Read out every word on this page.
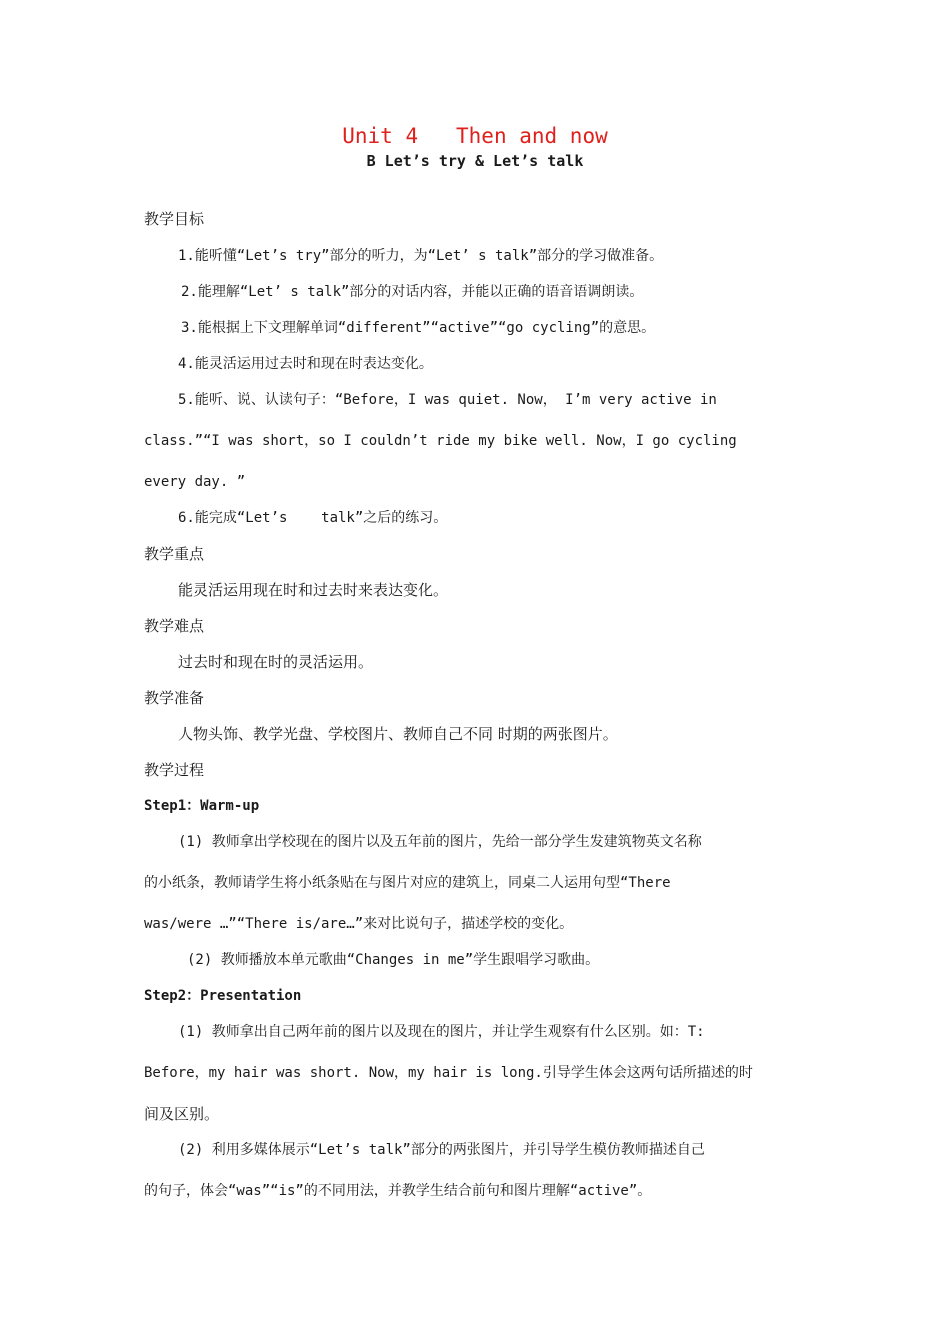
Unit 4   Then and now
B Let’s try & Let’s talk
教学目标
1.能听懂“Let’s try”部分的听力，为“Let’ s talk”部分的学习做准备。
2.能理解“Let’ s talk”部分的对话内容，并能以正确的语音语调朗读。
3.能根据上下文理解单词“different”“active”“go cycling”的意思。
4.能灵活运用过去时和现在时表达变化。
5.能听、说、认读句子：“Before，I was quiet. Now， I’m very active in
class.”“I was short，so I couldn’t ride my bike well. Now，I go cycling
every day. ”
6.能完成“Let’s    talk”之后的练习。
教学重点
能灵活运用现在时和过去时来表达变化。
教学难点
过去时和现在时的灵活运用。
教学准备
人物头饰、教学光盘、学校图片、教师自己不同 时期的两张图片。
教学过程
Step1：Warm-up
(1) 教师拿出学校现在的图片以及五年前的图片，先给一部分学生发建筑物英文名称
的小纸条，教师请学生将小纸条贴在与图片对应的建筑上，同桌二人运用句型“There
was/were …”“There is/are…”来对比说句子，描述学校的变化。
(2) 教师播放本单元歌曲“Changes in me”学生跟唱学习歌曲。
Step2：Presentation
(1) 教师拿出自己两年前的图片以及现在的图片，并让学生观察有什么区别。如：T:
Before，my hair was short. Now，my hair is long.引导学生体会这两句话所描述的时
间及区别。
(2) 利用多媒体展示“Let’s talk”部分的两张图片，并引导学生模仿教师描述自己
的句子，体会“was”“is”的不同用法，并教学生结合前句和图片理解“active”。
